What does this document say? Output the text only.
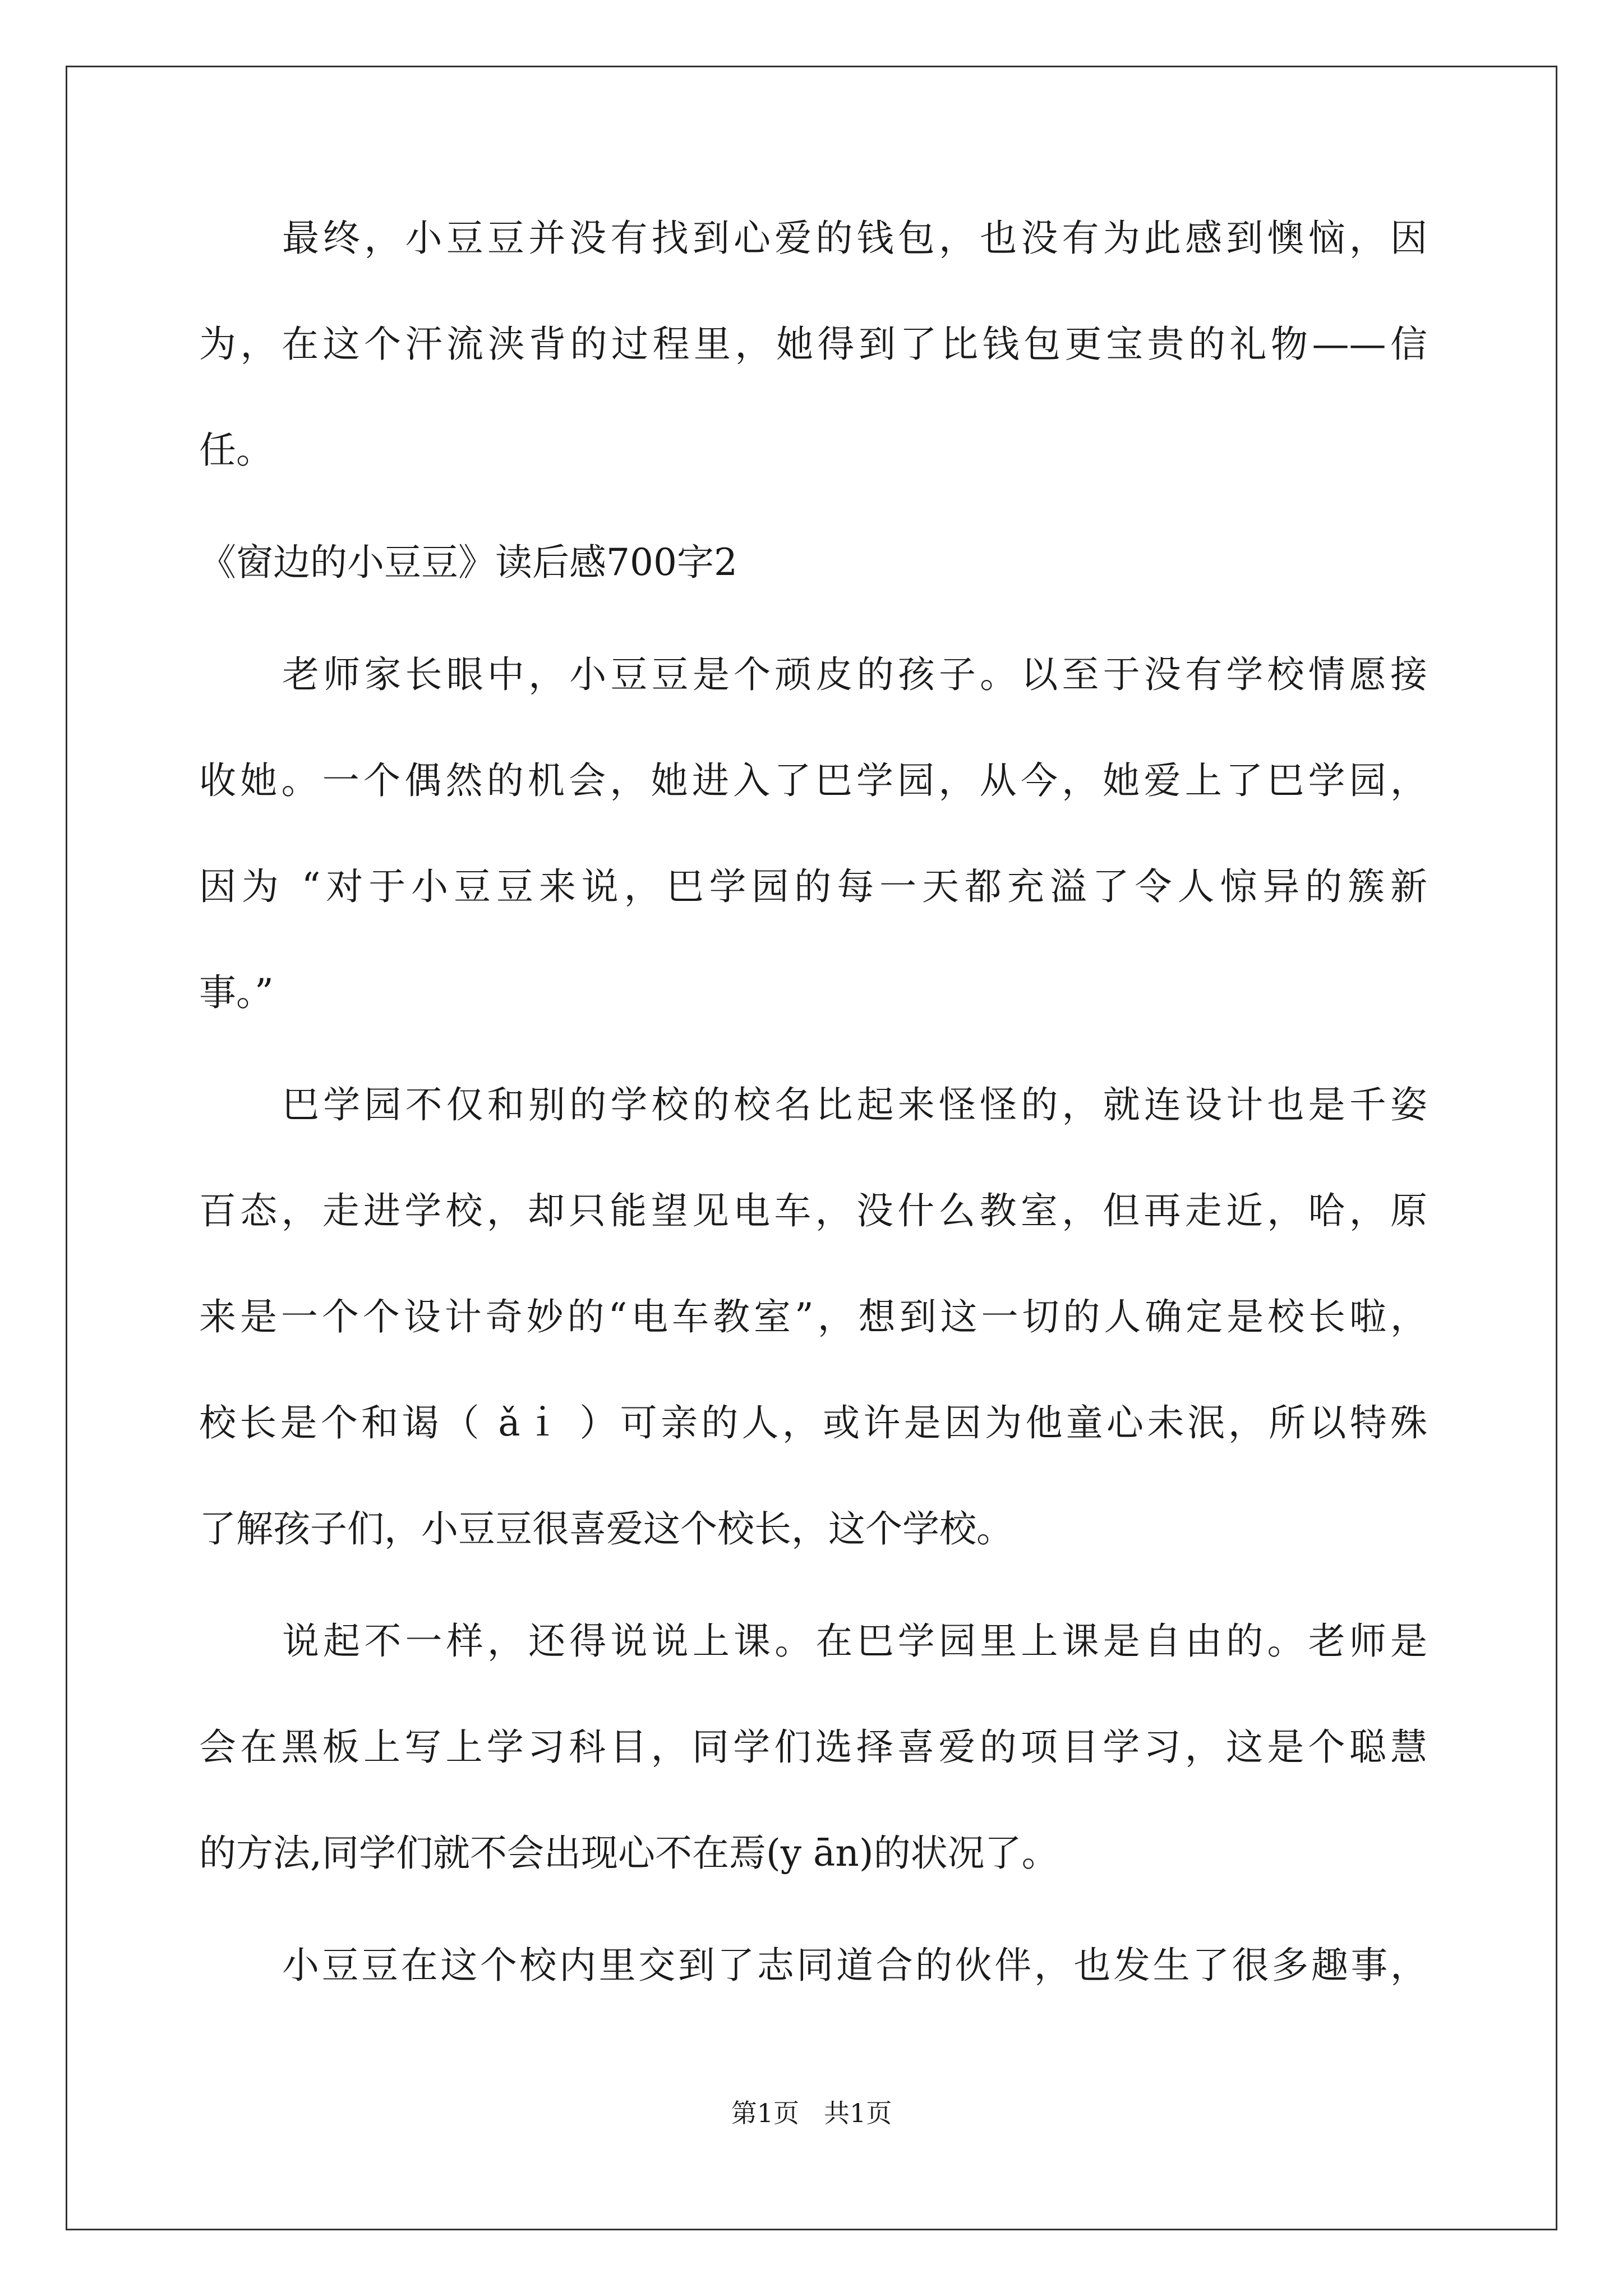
最终，小豆豆并没有找到心爱的钱包，也没有为此感到懊恼，因
为，在这个汗流浃背的过程里，她得到了比钱包更宝贵的礼物——信
任。
《窗边的小豆豆》读后感700字2
老师家长眼中，小豆豆是个顽皮的孩子。以至于没有学校情愿接
收她。一个偶然的机会，她进入了巴学园，从今，她爱上了巴学园，
因为 “对于小豆豆来说，巴学园的每一天都充溢了令人惊异的簇新
事。”
巴学园不仅和别的学校的校名比起来怪怪的，就连设计也是千姿
百态，走进学校，却只能望见电车，没什么教室，但再走近，哈，原
来是一个个设计奇妙的“电车教室”，想到这一切的人确定是校长啦，
校长是个和谒（ ǎｉ ）可亲的人，或许是因为他童心未泯，所以特殊
了解孩子们，小豆豆很喜爱这个校长，这个学校。
说起不一样，还得说说上课。在巴学园里上课是自由的。老师是
会在黑板上写上学习科目，同学们选择喜爱的项目学习，这是个聪慧
的方法,同学们就不会出现心不在焉(y ān)的状况了。
小豆豆在这个校内里交到了志同道合的伙伴，也发生了很多趣事，
第1页 共1页
